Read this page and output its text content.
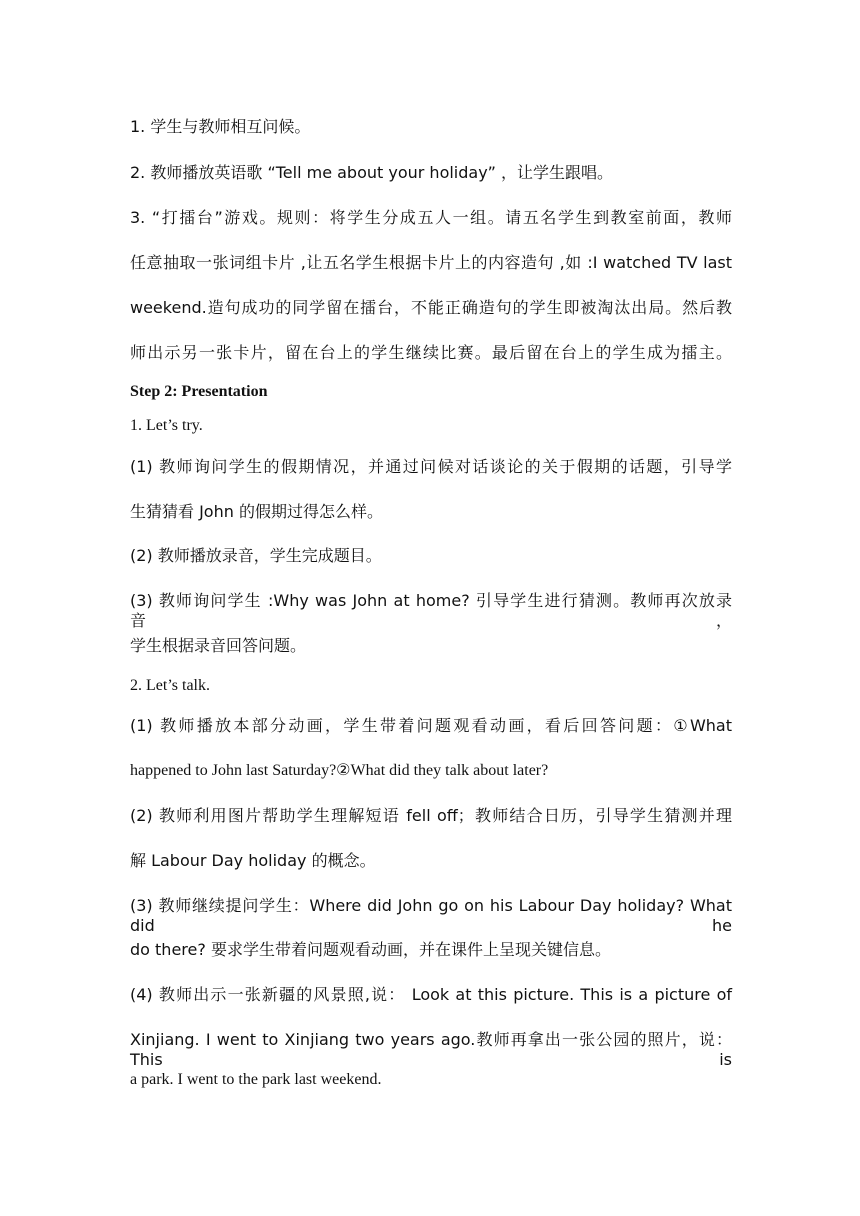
1. 学生与教师相互问候。
2. 教师播放英语歌 “Tell me about your holiday” ，让学生跟唱。
3. “打擂台”游戏。规则：将学生分成五人一组。请五名学生到教室前面，教师
任意抽取一张词组卡片 ,让五名学生根据卡片上的内容造句 ,如 :I watched TV last
weekend.造句成功的同学留在擂台，不能正确造句的学生即被淘汰出局。然后教
师出示另一张卡片，留在台上的学生继续比赛。最后留在台上的学生成为擂主。
Step 2: Presentation
1. Let’s try.
(1) 教师询问学生的假期情况，并通过问候对话谈论的关于假期的话题，引导学
生猜猜看 John 的假期过得怎么样。
(2) 教师播放录音，学生完成题目。
(3) 教师询问学生 :Why was John at home? 引导学生进行猜测。教师再次放录音，
学生根据录音回答问题。
2. Let’s talk.
(1) 教师播放本部分动画，学生带着问题观看动画，看后回答问题：①What
happened to John last Saturday?②What did they talk about later?
(2) 教师利用图片帮助学生理解短语 fell off；教师结合日历，引导学生猜测并理
解 Labour Day holiday 的概念。
(3) 教师继续提问学生：Where did John go on his Labour Day holiday? What did he
do there? 要求学生带着问题观看动画，并在课件上呈现关键信息。
(4) 教师出示一张新疆的风景照,说： Look at this picture. This is a picture of
Xinjiang. I went to Xinjiang two years ago.教师再拿出一张公园的照片，说：This is
a park. I went to the park last weekend.
